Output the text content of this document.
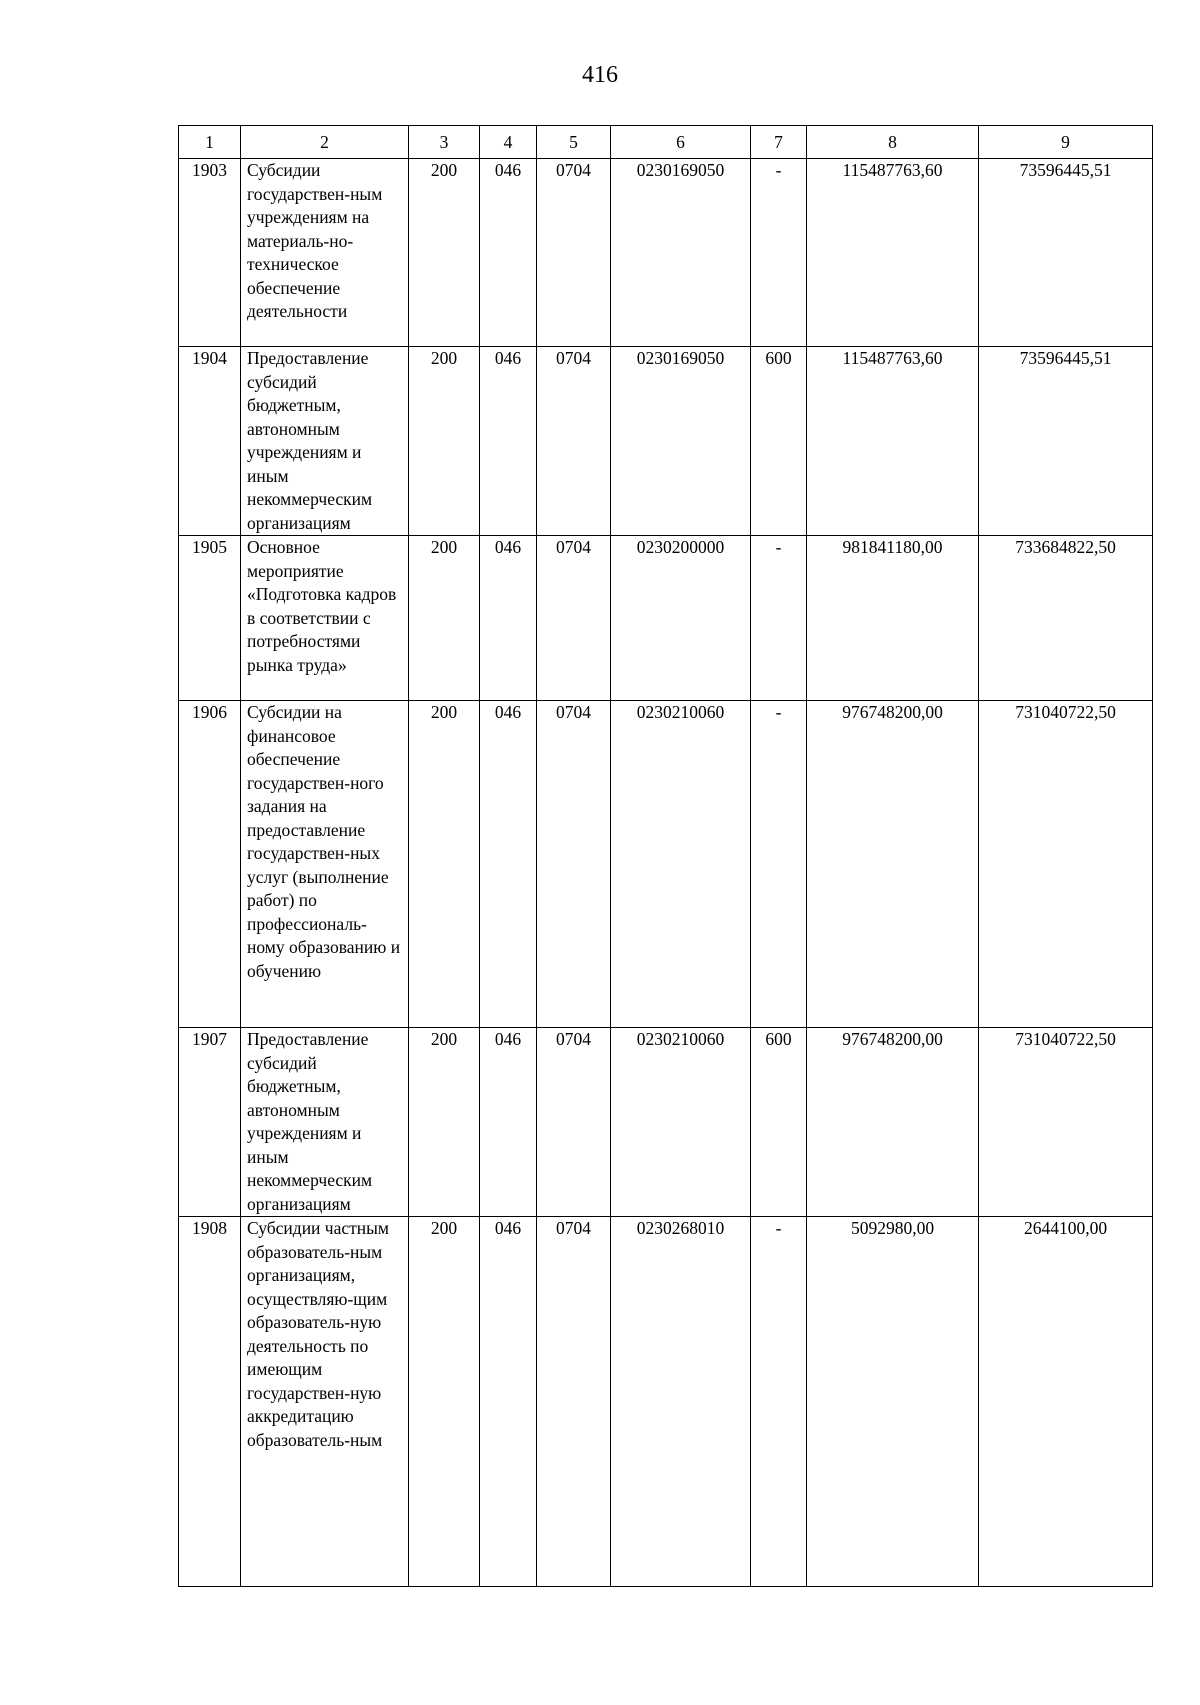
416
1	2	3	4	5	6	7	8	9
1903	Субсидии государствен-ным учреждениям на материаль-но-техническое обеспечение деятельности	200	046	0704	0230169050	-	115487763,60	73596445,51
1904	Предоставление субсидий бюджетным, автономным учреждениям и иным некоммерческим организациям	200	046	0704	0230169050	600	115487763,60	73596445,51
1905	Основное мероприятие «Подготовка кадров в соответствии с потребностями рынка труда»	200	046	0704	0230200000	-	981841180,00	733684822,50
1906	Субсидии на финансовое обеспечение государствен-ного задания на предоставление государствен-ных услуг (выполнение работ) по профессиональ-ному образованию и обучению	200	046	0704	0230210060	-	976748200,00	731040722,50
1907	Предоставление субсидий бюджетным, автономным учреждениям и иным некоммерческим организациям	200	046	0704	0230210060	600	976748200,00	731040722,50
1908	Субсидии частным образователь-ным организациям, осуществляю-щим образователь-ную деятельность по имеющим государствен-ную аккредитацию образователь-ным	200	046	0704	0230268010	-	5092980,00	2644100,00
